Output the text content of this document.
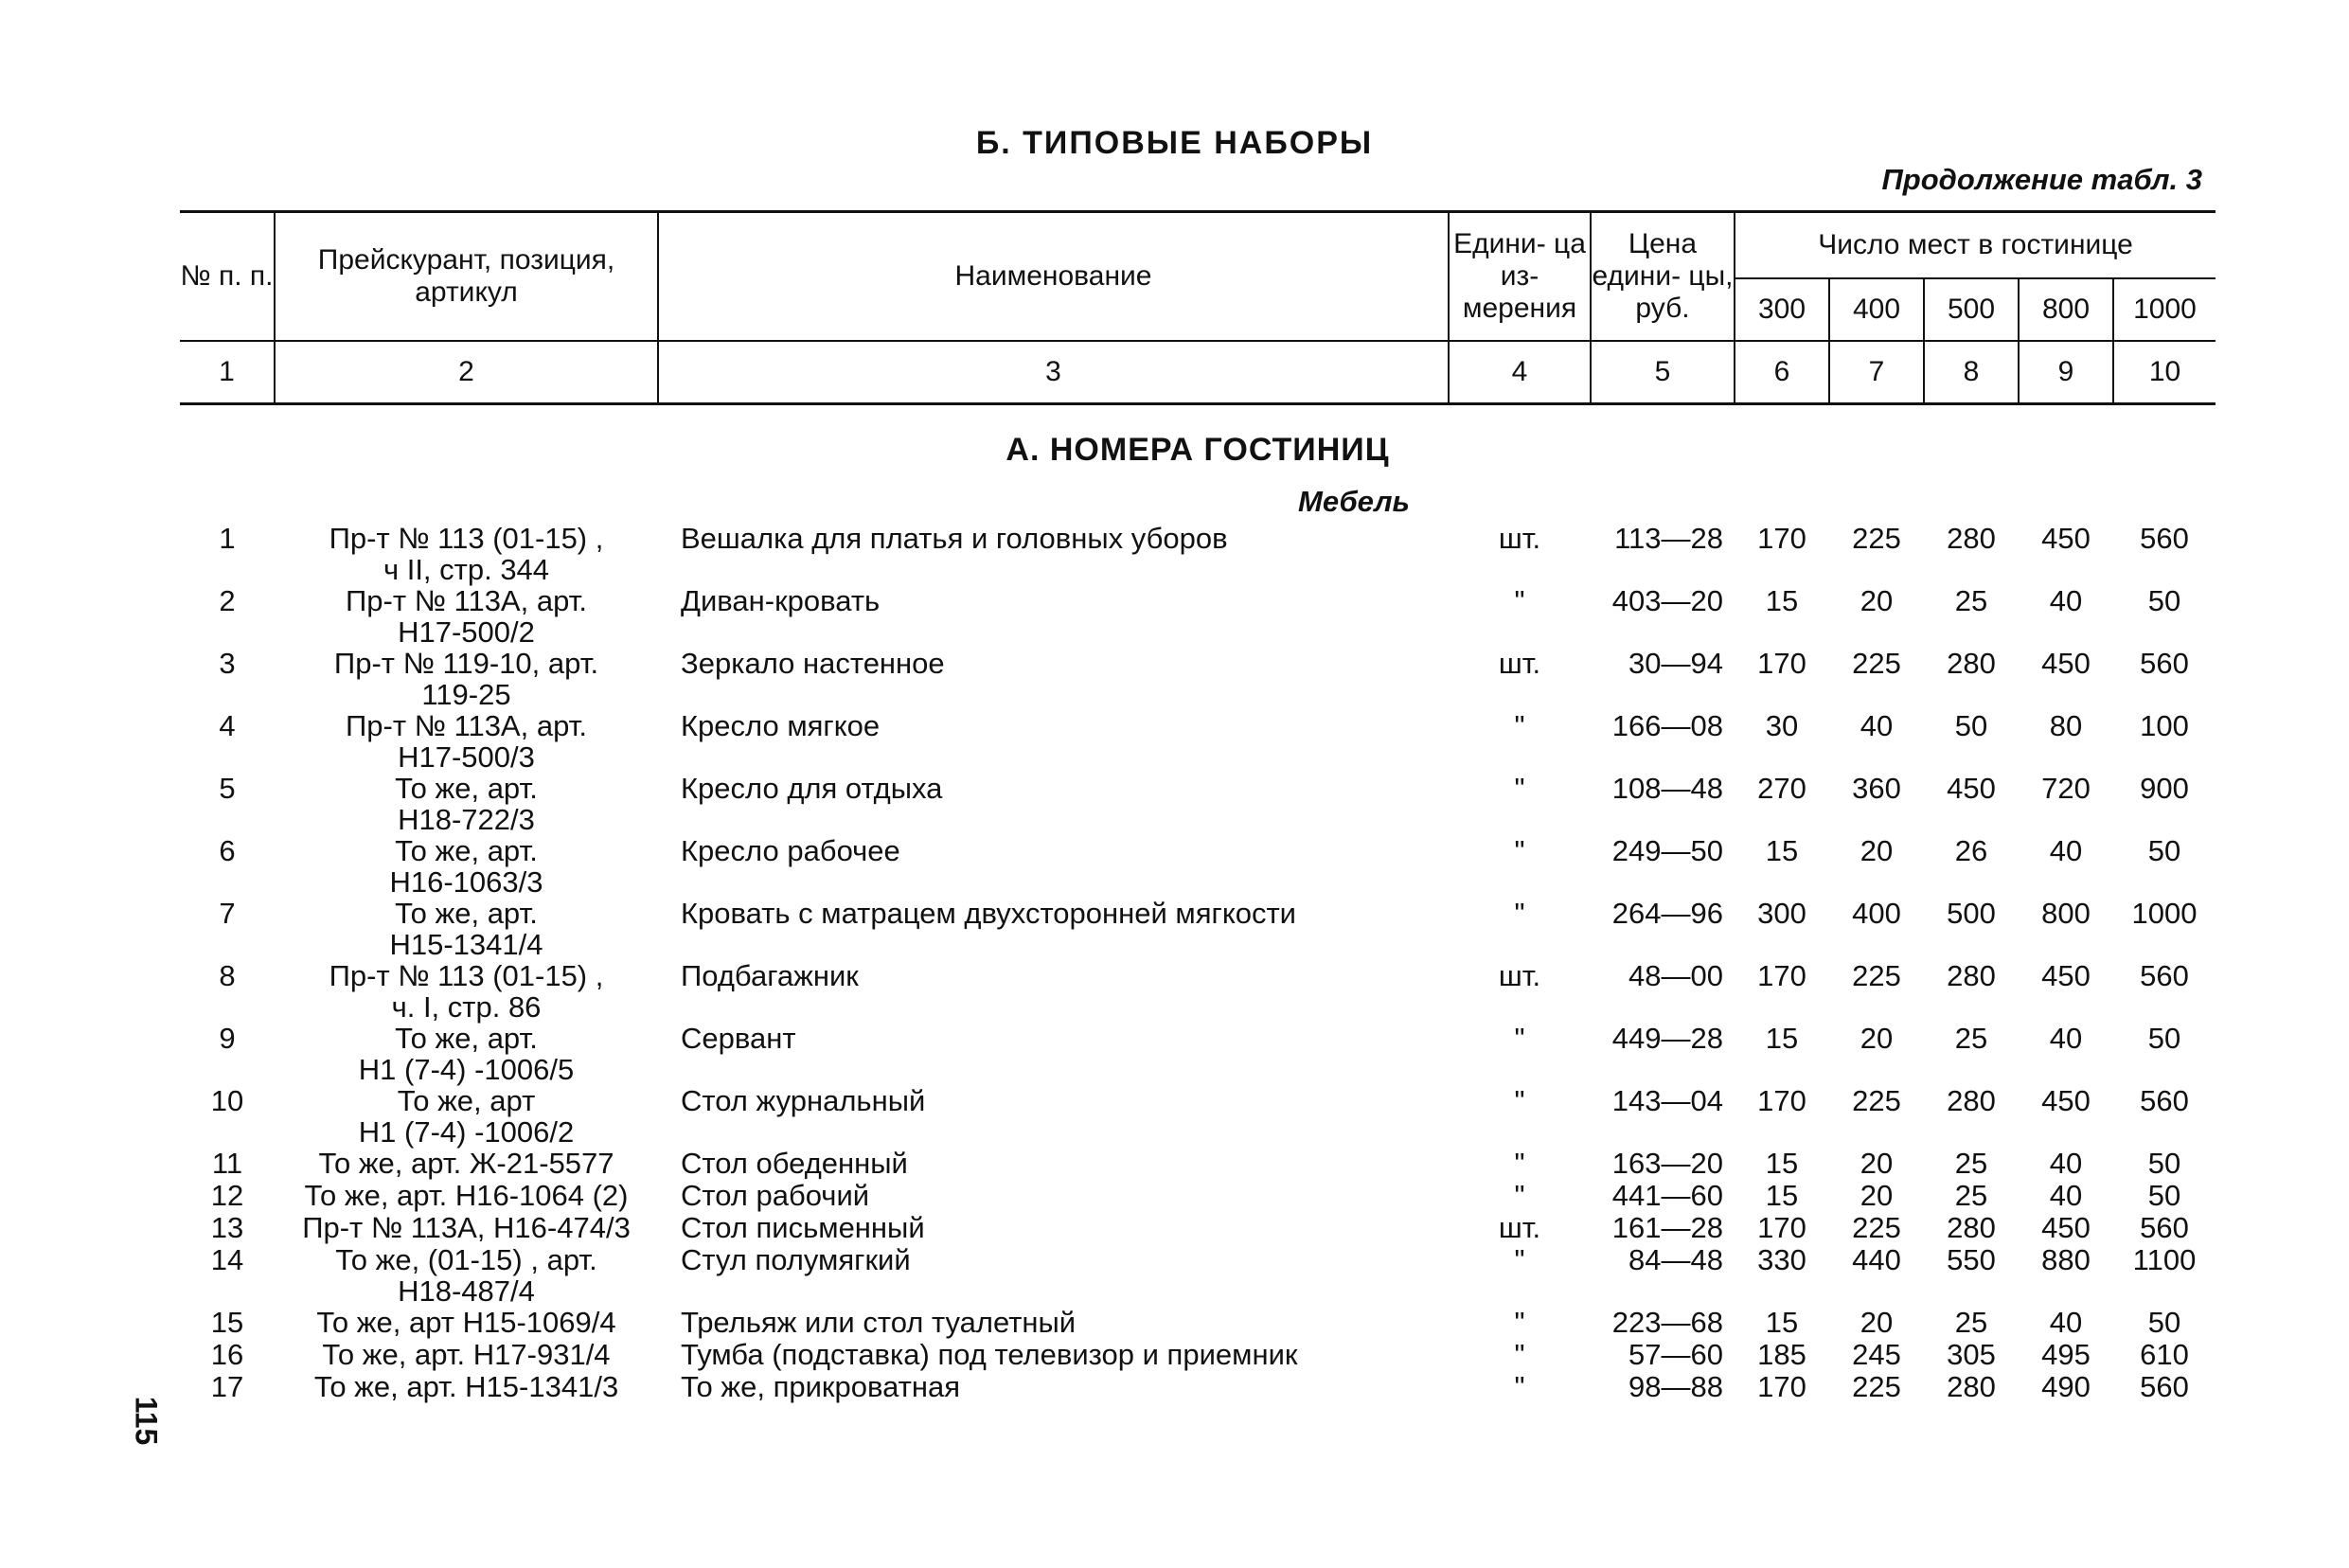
Б. ТИПОВЫЕ НАБОРЫ
Продолжение табл. 3
115
№ п. п.	Прейскурант, позиция, артикул	Наименование	Едини- ца из- мерения	Цена едини- цы, руб.	Число мест в гостинице				
					300	400	500	800	1000
1	2	3	4	5	6	7	8	9	10
А. НОМЕРА ГОСТИНИЦ									
Мебель									
1	Пр-т № 113 (01-15) ,
ч II, стр. 344	Вешалка для платья и головных уборов	шт.	113—28	170	225	280	450	560
2	Пр-т № 113А, арт.
Н17-500/2	Диван-кровать	"	403—20	15	20	25	40	50
3	Пр-т № 119-10, арт.
119-25	Зеркало настенное	шт.	30—94	170	225	280	450	560
4	Пр-т № 113А, арт.
Н17-500/3	Кресло мягкое	"	166—08	30	40	50	80	100
5	То же, арт.
Н18-722/3	Кресло для отдыха	"	108—48	270	360	450	720	900
6	То же, арт.
Н16-1063/3	Кресло рабочее	"	249—50	15	20	26	40	50
7	То же, арт.
Н15-1341/4	Кровать с матрацем двухсторонней мягкости	"	264—96	300	400	500	800	1000
8	Пр-т № 113 (01-15) ,
ч. I, стр. 86	Подбагажник	шт.	48—00	170	225	280	450	560
9	То же, арт.
Н1 (7-4) -1006/5	Сервант	"	449—28	15	20	25	40	50
10	То же, арт
Н1 (7-4) -1006/2	Стол журнальный	"	143—04	170	225	280	450	560
11	То же, арт. Ж-21-5577	Стол обеденный	"	163—20	15	20	25	40	50
12	То же, арт. Н16-1064 (2)	Стол рабочий	"	441—60	15	20	25	40	50
13	Пр-т № 113А, Н16-474/3	Стол письменный	шт.	161—28	170	225	280	450	560
14	То же, (01-15) , арт.
Н18-487/4	Стул полумягкий	"	84—48	330	440	550	880	1100
15	То же, арт Н15-1069/4	Трельяж или стол туалетный	"	223—68	15	20	25	40	50
16	То же, арт. Н17-931/4	Тумба (подставка) под телевизор и приемник	"	57—60	185	245	305	495	610
17	То же, арт. Н15-1341/3	То же, прикроватная	"	98—88	170	225	280	490	560
